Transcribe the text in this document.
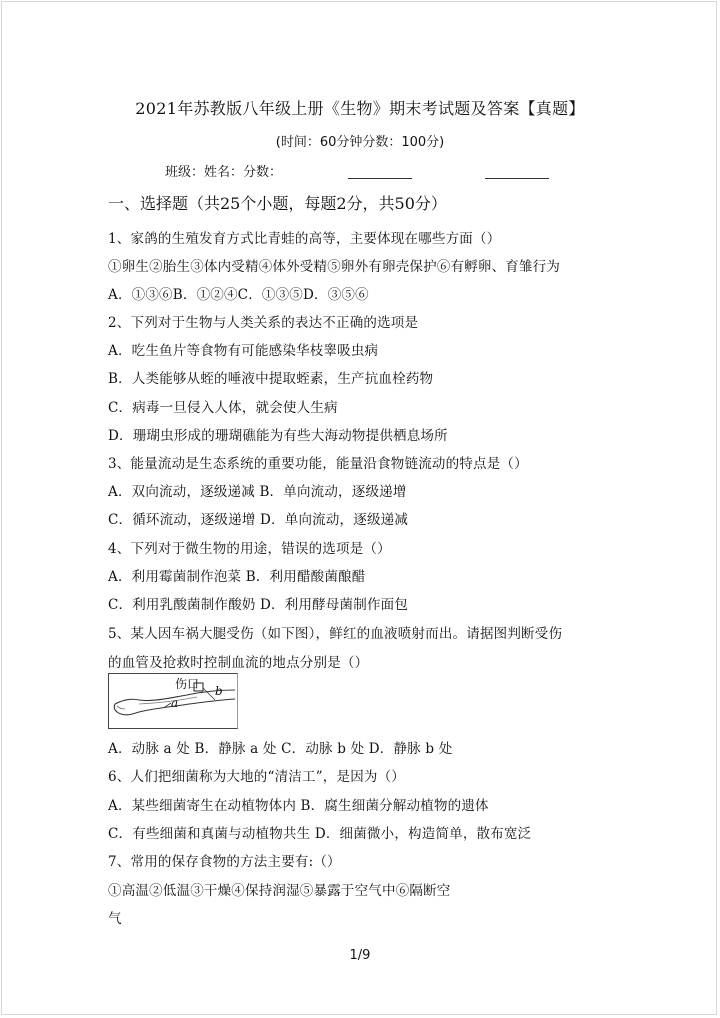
2021年苏教版八年级上册《生物》期末考试题及答案【真题】
(时间：60分钟分数：100分)
班级：姓名：分数：
一、选择题（共25个小题，每题2分，共50分）
1、家鸽的生殖发育方式比青蛙的高等，主要体现在哪些方面（）
①卵生②胎生③体内受精④体外受精⑤卵外有卵壳保护⑥有孵卵、育雏行为
A．①③⑥B．①②④C．①③⑤D．③⑤⑥
2、下列对于生物与人类关系的表达不正确的选项是
A．吃生鱼片等食物有可能感染华枝睾吸虫病
B．人类能够从蛭的唾液中提取蛭素，生产抗血栓药物
C．病毒一旦侵入人体，就会使人生病
D．珊瑚虫形成的珊瑚礁能为有些大海动物提供栖息场所
3、能量流动是生态系统的重要功能，能量沿食物链流动的特点是（）
A．双向流动，逐级递减 B．单向流动，逐级递增
C．循环流动，逐级递增 D．单向流动，逐级递减
4、下列对于微生物的用途，错误的选项是（）
A．利用霉菌制作泡菜 B．利用醋酸菌酿醋
C．利用乳酸菌制作酸奶 D．利用酵母菌制作面包
5、某人因车祸大腿受伤（如下图），鲜红的血液喷射而出。请据图判断受伤
的血管及抢救时控制血流的地点分别是（）
伤口
a
b
A．动脉 a 处 B．静脉 a 处 C．动脉 b 处 D．静脉 b 处
6、人们把细菌称为大地的“清洁工”，是因为（）
A．某些细菌寄生在动植物体内 B．腐生细菌分解动植物的遗体
C．有些细菌和真菌与动植物共生 D．细菌微小，构造简单，散布宽泛
7、常用的保存食物的方法主要有:（）
①高温②低温③干燥④保持润湿⑤暴露于空气中⑥隔断空
气
1/9
